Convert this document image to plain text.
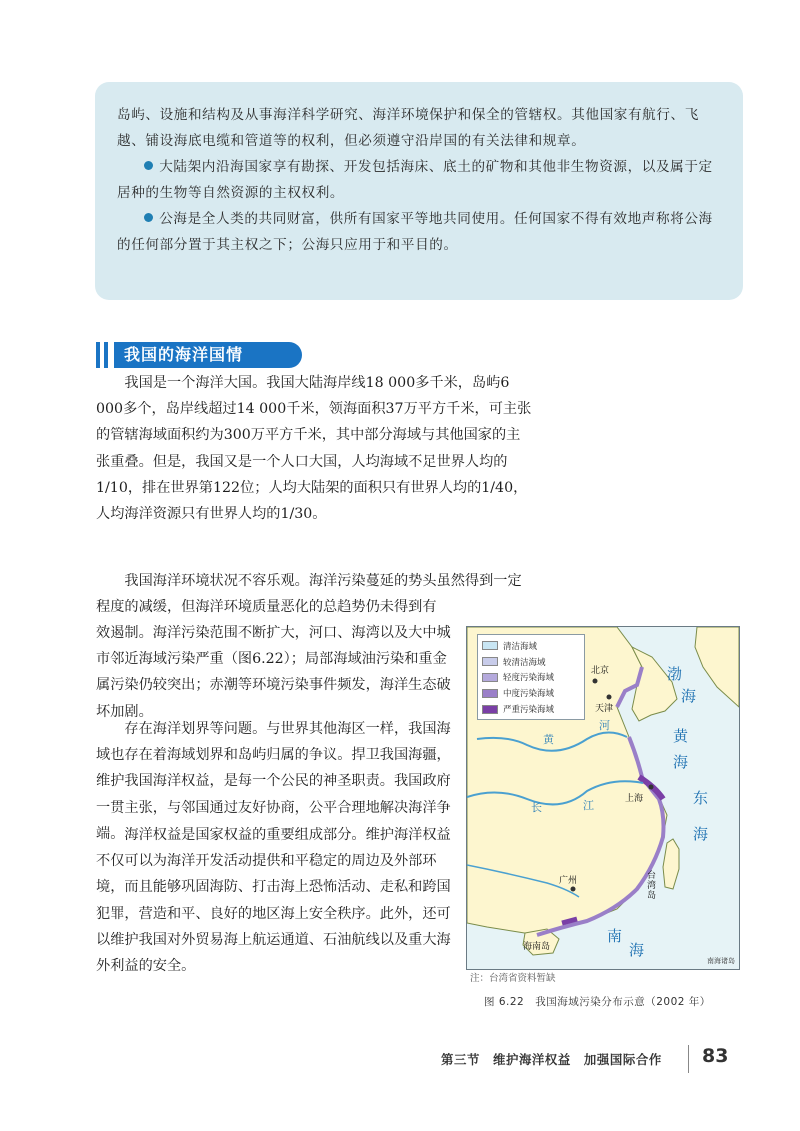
岛屿、设施和结构及从事海洋科学研究、海洋环境保护和保全的管辖权。其他国家有航行、飞越、铺设海底电缆和管道等的权利，但必须遵守沿岸国的有关法律和规章。

大陆架内沿海国家享有勘探、开发包括海床、底土的矿物和其他非生物资源，以及属于定居种的生物等自然资源的主权权利。

公海是全人类的共同财富，供所有国家平等地共同使用。任何国家不得有效地声称将公海的任何部分置于其主权之下；公海只应用于和平目的。

我国的海洋国情

我国是一个海洋大国。我国大陆海岸线18 000多千米，岛屿6 000多个，岛岸线超过14 000千米，领海面积37万平方千米，可主张的管辖海域面积约为300万平方千米，其中部分海域与其他国家的主张重叠。但是，我国又是一个人口大国，人均海域不足世界人均的1/10，排在世界第122位；人均大陆架的面积只有世界人均的1/40，人均海洋资源只有世界人均的1/30。

我国海洋环境状况不容乐观。海洋污染蔓延的势头虽然得到一定程度的减缓，但海洋环境质量恶化的总趋势仍未得到有

效遏制。海洋污染范围不断扩大，河口、海湾以及大中城市邻近海域污染严重（图6.22）；局部海域油污染和重金属污染仍较突出；赤潮等环境污染事件频发，海洋生态破坏加剧。

存在海洋划界等问题。与世界其他海区一样，我国海域也存在着海域划界和岛屿归属的争议。捍卫我国海疆，维护我国海洋权益，是每一个公民的神圣职责。我国政府一贯主张，与邻国通过友好协商，公平合理地解决海洋争端。 海洋权益是国家权益的重要组成部分。维护海洋权益不仅可以为海洋开发活动提供和平稳定的周边及外部环境，而且能够巩固海防、打击海上恐怖活动、走私和跨国犯罪，营造和平、良好的地区海上安全秩序。此外，还可以维护我国对外贸易海上航运通道、石油航线以及重大海外利益的安全。

清洁海域
较清洁海域
轻度污染海域
中度污染海域
严重污染海域
北京
天津
上海
广州	台湾岛
海南岛
南海诸岛
渤
海
黄
海
东
海
南
海
河
黄
长	江
注：台湾省资料暂缺
图 6.22　我国海域污染分布示意（2002 年）
第三节　维护海洋权益　加强国际合作 83
